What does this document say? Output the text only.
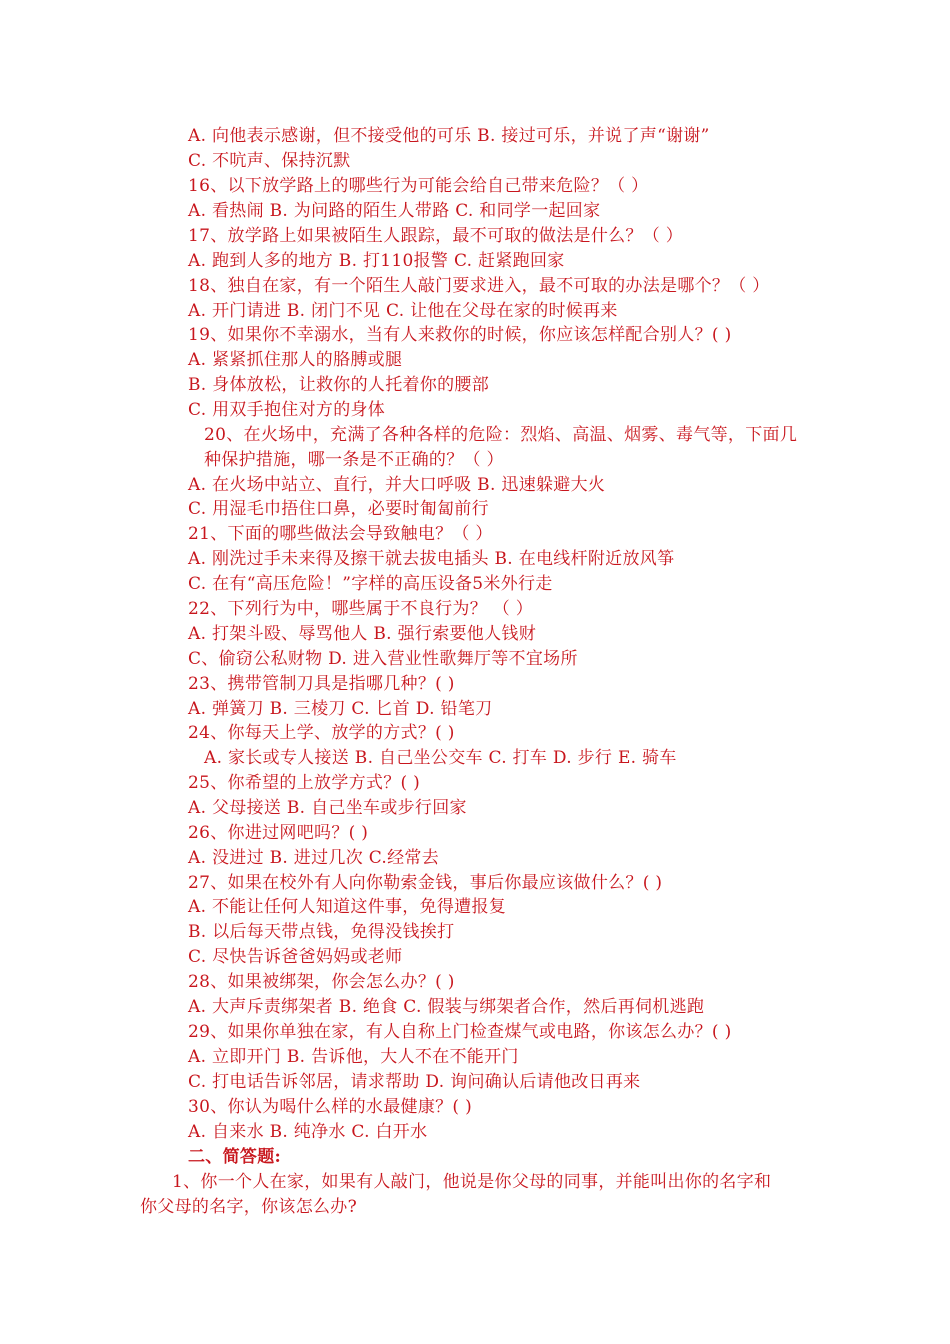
A. 向他表示感谢，但不接受他的可乐 B. 接过可乐，并说了声“谢谢”
C. 不吭声、保持沉默
16、以下放学路上的哪些行为可能会给自己带来危险？（ ）
A. 看热闹 B. 为问路的陌生人带路 C. 和同学一起回家
17、放学路上如果被陌生人跟踪，最不可取的做法是什么？（ ）
A. 跑到人多的地方 B. 打110报警 C. 赶紧跑回家
18、独自在家，有一个陌生人敲门要求进入，最不可取的办法是哪个？（ ）
A. 开门请进 B. 闭门不见 C. 让他在父母在家的时候再来
19、如果你不幸溺水，当有人来救你的时候，你应该怎样配合别人？( )
A. 紧紧抓住那人的胳膊或腿
B. 身体放松，让救你的人托着你的腰部
C. 用双手抱住对方的身体
20、在火场中，充满了各种各样的危险：烈焰、高温、烟雾、毒气等，下面几
种保护措施，哪一条是不正确的？（ ）
A. 在火场中站立、直行，并大口呼吸 B. 迅速躲避大火
C. 用湿毛巾捂住口鼻，必要时匍匐前行
21、下面的哪些做法会导致触电？（ ）
A. 刚洗过手未来得及擦干就去拔电插头 B. 在电线杆附近放风筝
C. 在有“高压危险！”字样的高压设备5米外行走
22、下列行为中，哪些属于不良行为？ （ ）
A. 打架斗殴、辱骂他人 B. 强行索要他人钱财
C、偷窃公私财物 D. 进入营业性歌舞厅等不宜场所
23、携带管制刀具是指哪几种？( )
A. 弹簧刀 B. 三棱刀 C. 匕首 D. 铅笔刀
24、你每天上学、放学的方式？( )
A. 家长或专人接送 B. 自己坐公交车 C. 打车 D. 步行 E. 骑车
25、你希望的上放学方式？( )
A. 父母接送 B. 自己坐车或步行回家
26、你进过网吧吗？( )
A. 没进过 B. 进过几次 C.经常去
27、如果在校外有人向你勒索金钱，事后你最应该做什么？( )
A. 不能让任何人知道这件事，免得遭报复
B. 以后每天带点钱，免得没钱挨打
C. 尽快告诉爸爸妈妈或老师
28、如果被绑架，你会怎么办？( )
A. 大声斥责绑架者 B. 绝食 C. 假装与绑架者合作，然后再伺机逃跑
29、如果你单独在家，有人自称上门检查煤气或电路，你该怎么办？( )
A. 立即开门 B. 告诉他，大人不在不能开门
C. 打电话告诉邻居，请求帮助 D. 询问确认后请他改日再来
30、你认为喝什么样的水最健康？( )
A. 自来水 B. 纯净水 C. 白开水
二、简答题:
1、你一个人在家，如果有人敲门，他说是你父母的同事，并能叫出你的名字和
你父母的名字，你该怎么办?
